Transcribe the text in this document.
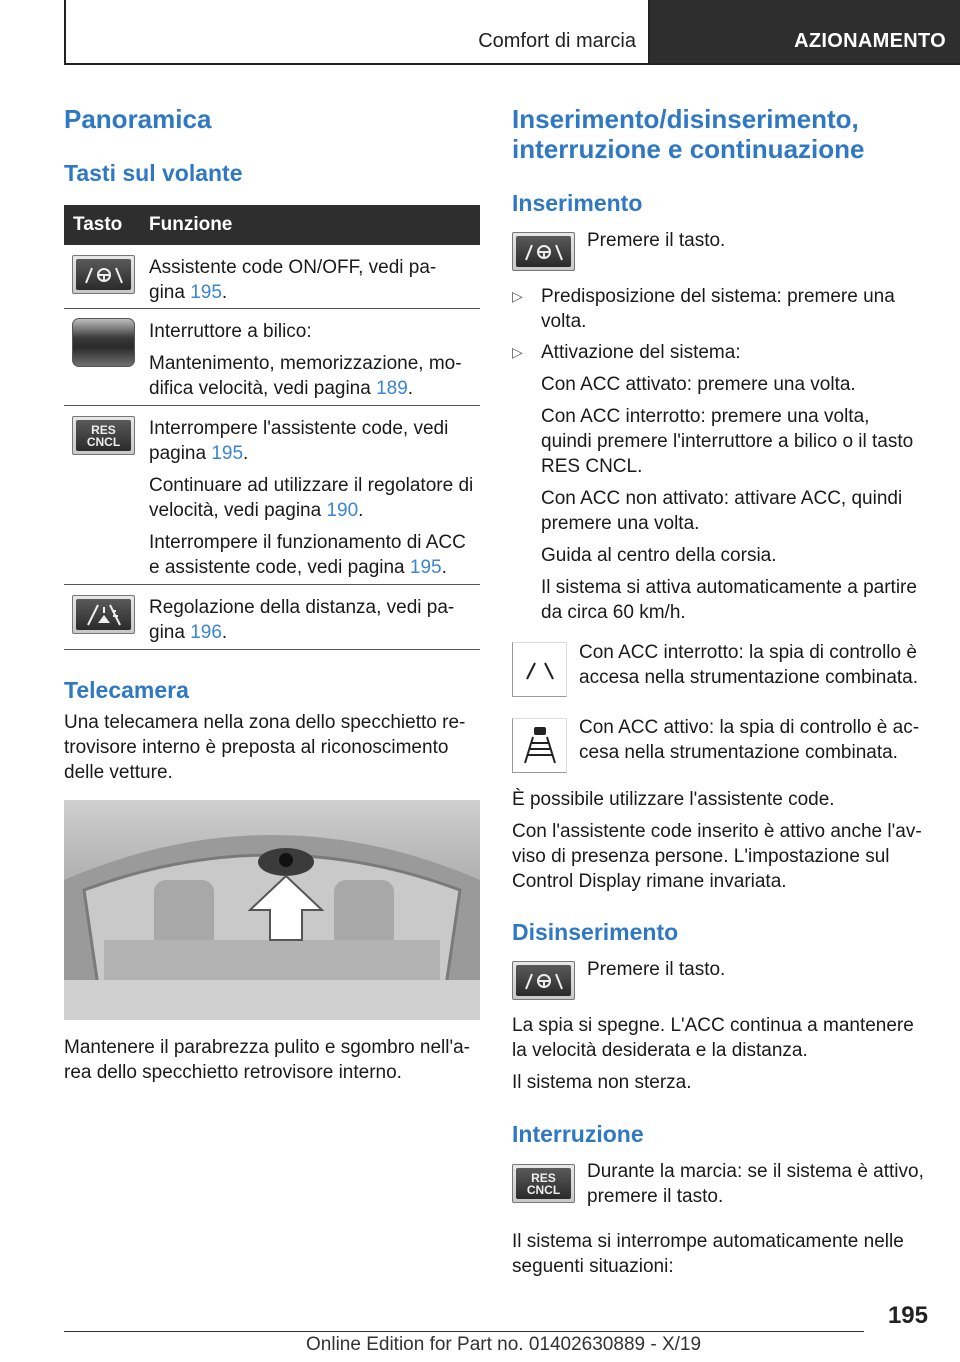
Comfort di marcia	AZIONAMENTO
Panoramica
Tasti sul volante
Tasto Funzione

Assistente code ON/OFF, vedi pa-
gina 195.

Interruttore a bilico:

Mantenimento, memorizzazione, mo-
difica velocità, vedi pagina 189.

RES
CNCL

Interrompere l'assistente code, vedi
pagina 195.

Continuare ad utilizzare il regolatore di
velocità, vedi pagina 190.

Interrompere il funzionamento di ACC
e assistente code, vedi pagina 195.

Regolazione della distanza, vedi pa-
gina 196.

Telecamera
Una telecamera nella zona dello specchietto re-
trovisore interno è preposta al riconoscimento
delle vetture.
Mantenere il parabrezza pulito e sgombro nell'a-
rea dello specchietto retrovisore interno.
Inserimento/disinserimento,
interruzione e continuazione
Inserimento
Premere il tasto.
▷ Predisposizione del sistema: premere una
volta.
▷ Attivazione del sistema:

Con ACC attivato: premere una volta.

Con ACC interrotto: premere una volta,
quindi premere l'interruttore a bilico o il tasto
RES CNCL.

Con ACC non attivato: attivare ACC, quindi
premere una volta.

Guida al centro della corsia.

Il sistema si attiva automaticamente a partire
da circa 60 km/h.

Con ACC interrotto: la spia di controllo è
accesa nella strumentazione combinata.
Con ACC attivo: la spia di controllo è ac-
cesa nella strumentazione combinata.
È possibile utilizzare l'assistente code.
Con l'assistente code inserito è attivo anche l'av-
viso di presenza persone. L'impostazione sul
Control Display rimane invariata.
Disinserimento
Premere il tasto.
La spia si spegne. L'ACC continua a mantenere
la velocità desiderata e la distanza.
Il sistema non sterza.
Interruzione
RES
CNCL
Durante la marcia: se il sistema è attivo,
premere il tasto.
Il sistema si interrompe automaticamente nelle
seguenti situazioni:
195
Online Edition for Part no. 01402630889 - X/19
